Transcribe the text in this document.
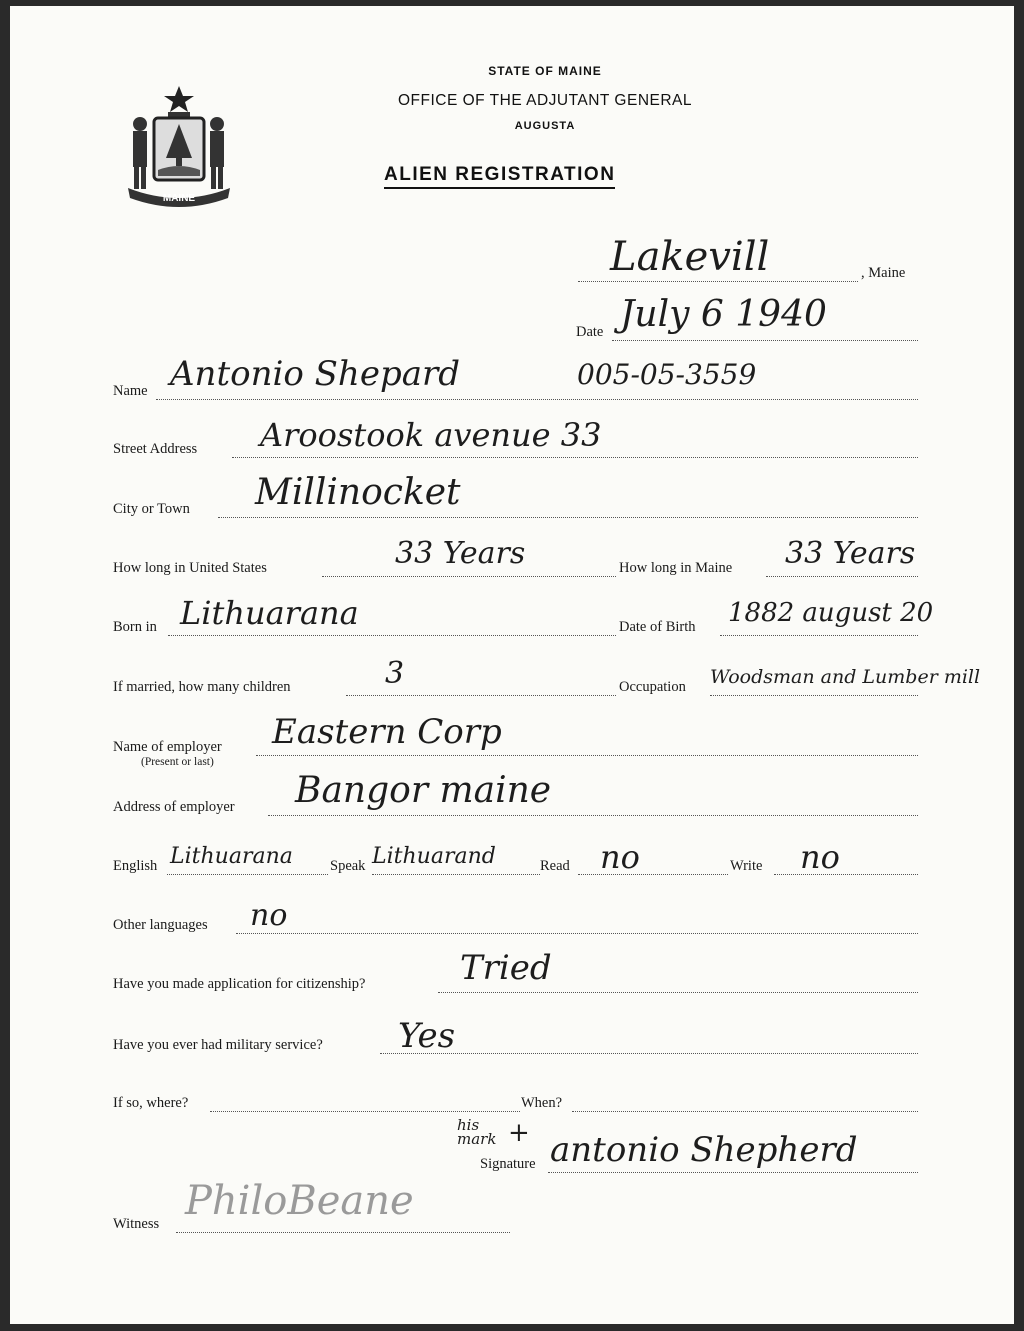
MAINE
STATE OF MAINE
OFFICE OF THE ADJUTANT GENERAL
AUGUSTA
ALIEN REGISTRATION
Lakevill	, Maine
Date July 6 1940
Name Antonio Shepard	005-05-3559
Street Address Aroostook avenue 33
City or Town Millinocket
How long in United States	33 Years	How long in Maine 33 Years
Born in Lithuarana	Date of Birth 1882 august 20
If married, how many children	3	Occupation Woodsman and Lumber mill
Name of employer
(Present or last)
Eastern Corp
Address of employer Bangor maine
English Lithuarana	Speak Lithuarand	Read no	Write no
Other languages no
Have you made application for citizenship?	Tried
Have you ever had military service? Yes
If so, where?	When?
his mark +
Signature antonio Shepherd
Witness PhiloBeane
